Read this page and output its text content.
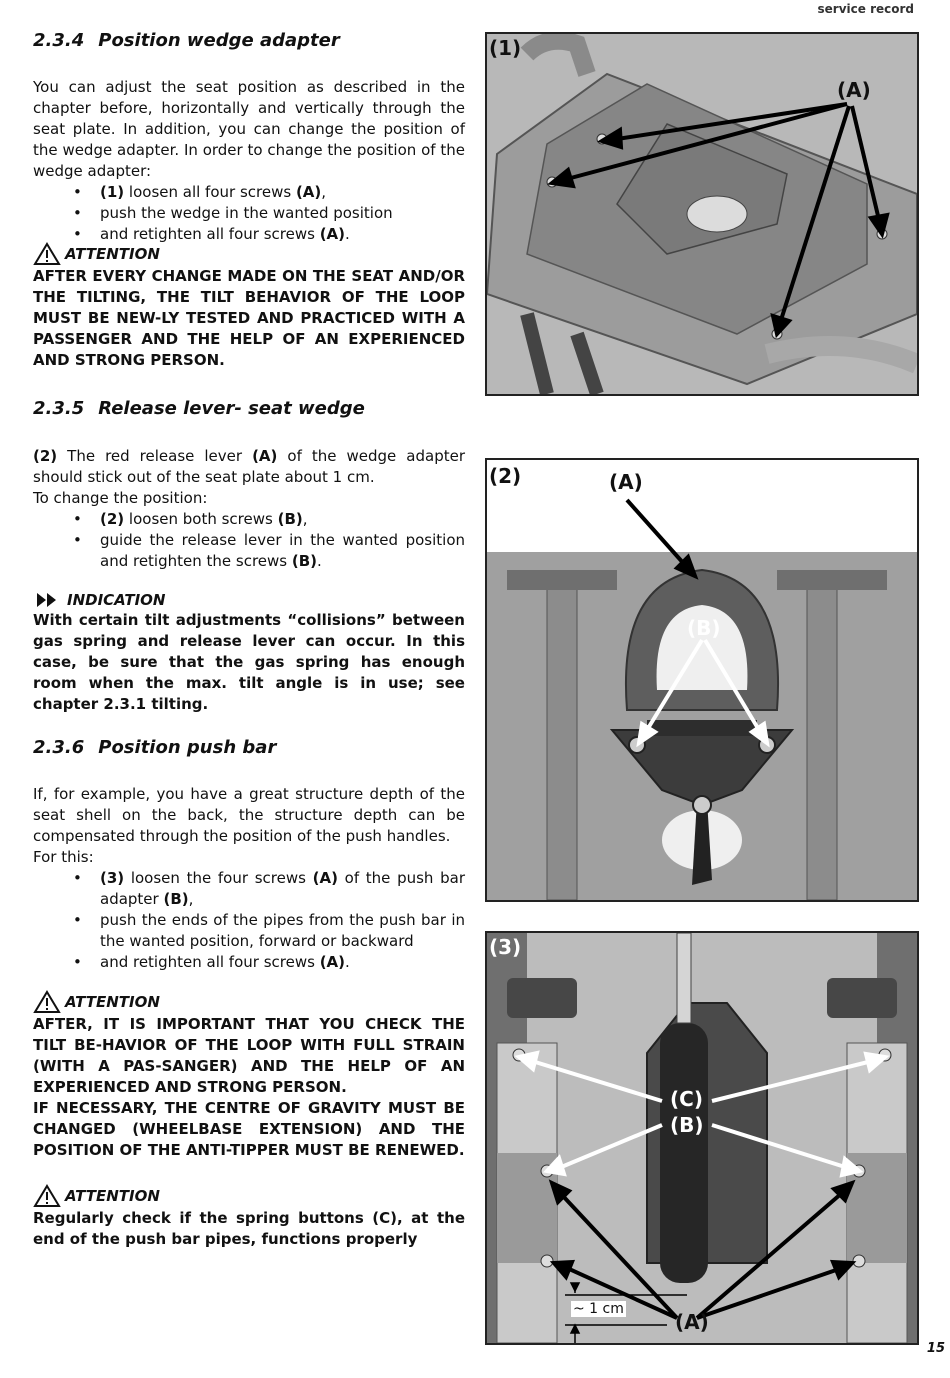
service record
2.3.4 Position wedge adapter

You can adjust the seat position as described in the chapter before, horizontally and vertically through the seat plate. In addition, you can change the position of the wedge adapter. In order to change the position of the wedge adapter:

• (1) loosen all four screws (A),
• push the wedge in the wanted position
• and retighten all four screws (A).
ATTENTION

AFTER EVERY CHANGE MADE ON THE SEAT AND/OR THE TILTING, THE TILT BEHAVIOR OF THE LOOP MUST BE NEW-LY TESTED AND PRACTICED WITH A PASSENGER AND THE HELP OF AN EXPERIENCED AND STRONG PERSON.

2.3.5 Release lever- seat wedge

(2) The red release lever (A) of the wedge adapter should stick out of the seat plate about 1 cm.

To change the position:

• (2) loosen both screws (B),
• guide the release lever in the wanted position and retighten the screws (B).
INDICATION

With certain tilt adjustments “collisions” between gas spring and release lever can occur. In this case, be sure that the gas spring has enough room when the max. tilt angle is in use; see chapter 2.3.1 tilting.

2.3.6 Position push bar

If, for example, you have a great structure depth of the seat shell on the back, the structure depth can be compensated through the position of the push handles.

For this:

• (3) loosen the four screws (A) of the push bar adapter (B),
• push the ends of the pipes from the push bar in the wanted position, forward or backward
• and retighten all four screws (A).
ATTENTION

AFTER, IT IS IMPORTANT THAT YOU CHECK THE TILT BE-HAVIOR OF THE LOOP WITH FULL STRAIN (WITH A PAS-SANGER) AND THE HELP OF AN EXPERIENCED AND STRONG PERSON.

IF NECESSARY, THE CENTRE OF GRAVITY MUST BE CHANGED (WHEELBASE EXTENSION) AND THE POSITION OF THE ANTI-TIPPER MUST BE RENEWED.

ATTENTION

Regularly check if the spring buttons (C), at the end of the push bar pipes, functions properly

(1)
(A)
(2)	(A)
(B)
(3)
(C)
(B)
(A)
~ 1 cm
15
